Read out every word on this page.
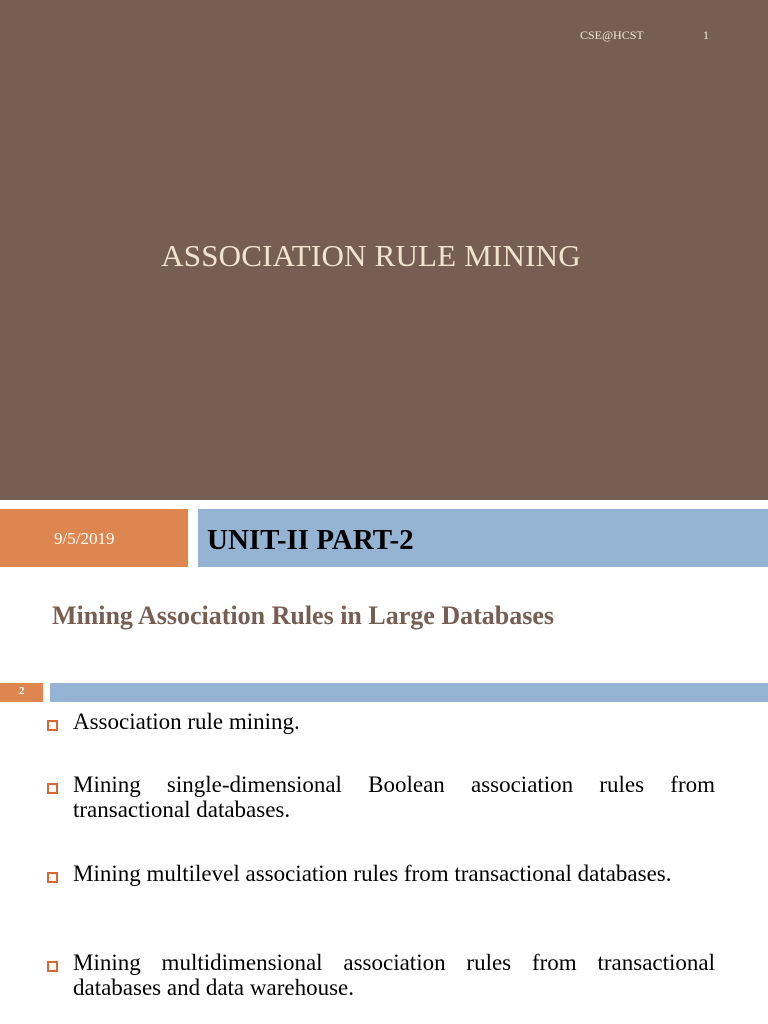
CSE@HCST	1
ASSOCIATION RULE MINING
9/5/2019	UNIT-II PART-2
Mining Association Rules in Large Databases
2
Association rule mining.
Mining single-dimensional Boolean association rules from transactional databases.
Mining multilevel association rules from transactional databases.
Mining multidimensional association rules from transactional databases and data warehouse.
